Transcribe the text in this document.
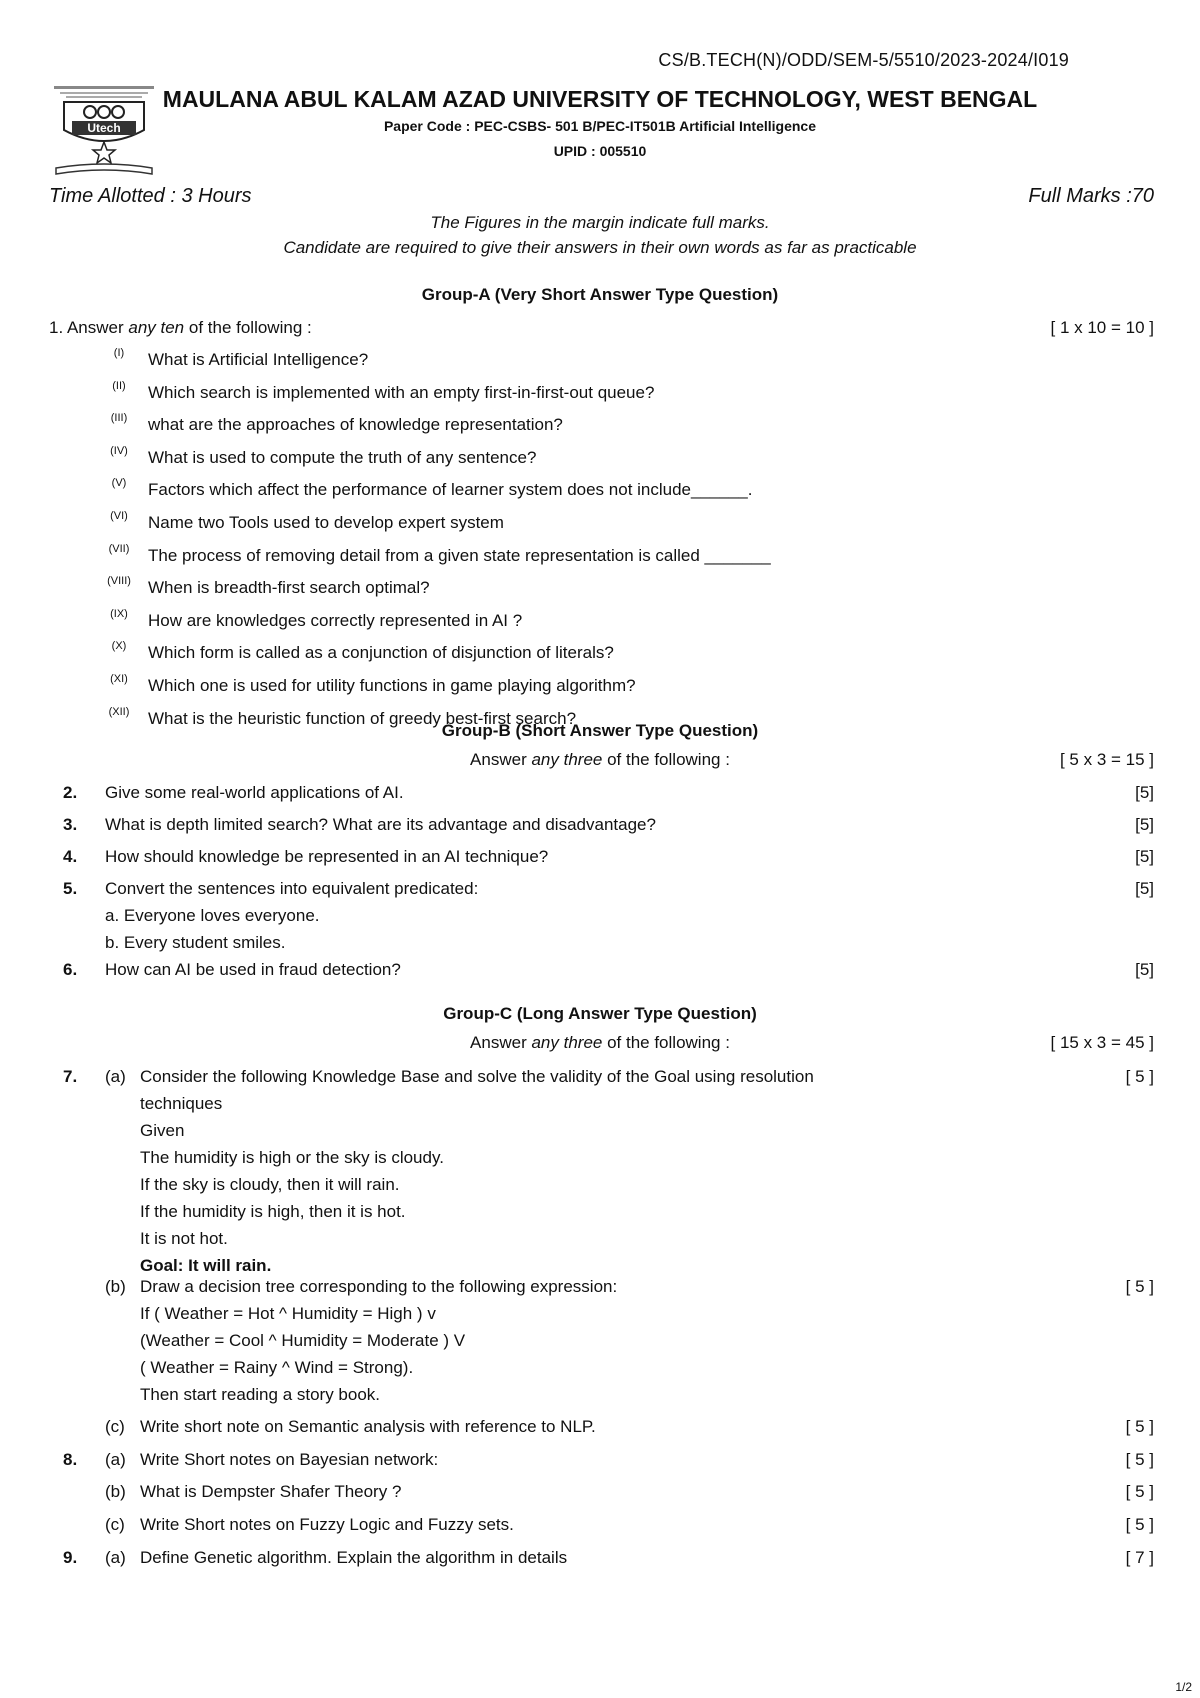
CS/B.TECH(N)/ODD/SEM-5/5510/2023-2024/I019
Utech
MAULANA ABUL KALAM AZAD UNIVERSITY OF TECHNOLOGY, WEST BENGAL
Paper Code : PEC-CSBS- 501 B/PEC-IT501B Artificial Intelligence
UPID : 005510
Time Allotted : 3 Hours	Full Marks :70
The Figures in the margin indicate full marks.
Candidate are required to give their answers in their own words as far as practicable
Group-A (Very Short Answer Type Question)
1. Answer any ten of the following :	[ 1 x 10 = 10 ]
(I)	What is Artificial Intelligence?
(II)	Which search is implemented with an empty first-in-first-out queue?
(III)	what are the approaches of knowledge representation?
(IV)	What is used to compute the truth of any sentence?
(V)	Factors which affect the performance of learner system does not include______.
(VI)	Name two Tools used to develop expert system
(VII)	The process of removing detail from a given state representation is called _______
(VIII)	When is breadth-first search optimal?
(IX)	How are knowledges correctly represented in AI ?
(X)	Which form is called as a conjunction of disjunction of literals?
(XI)	Which one is used for utility functions in game playing algorithm?
(XII)	What is the heuristic function of greedy best-first search?
Group-B (Short Answer Type Question)
Answer any three of the following :	[ 5 x 3 = 15 ]
2. Give some real-world applications of AI.	[5]
3. What is depth limited search? What are its advantage and disadvantage?	[5]
4. How should knowledge be represented in an AI technique?	[5]
5. Convert the sentences into equivalent predicated:
a. Everyone loves everyone.
b. Every student smiles.
[5]
6. How can AI be used in fraud detection?	[5]
Group-C (Long Answer Type Question)
Answer any three of the following :	[ 15 x 3 = 45 ]
7. (a) Consider the following Knowledge Base and solve the validity of the Goal using resolution
techniques
Given
The humidity is high or the sky is cloudy.
If the sky is cloudy, then it will rain.
If the humidity is high, then it is hot.
It is not hot.
Goal: It will rain.
[ 5 ]
(b) Draw a decision tree corresponding to the following expression:
If ( Weather = Hot ^ Humidity = High ) v
(Weather = Cool ^ Humidity = Moderate ) V
( Weather = Rainy ^ Wind = Strong).
Then start reading a story book.
[ 5 ]
(c) Write short note on Semantic analysis with reference to NLP.	[ 5 ]
8. (a) Write Short notes on Bayesian network:	[ 5 ]
(b) What is Dempster Shafer Theory ?	[ 5 ]
(c) Write Short notes on Fuzzy Logic and Fuzzy sets.	[ 5 ]
9. (a) Define Genetic algorithm. Explain the algorithm in details	[ 7 ]
1/2
